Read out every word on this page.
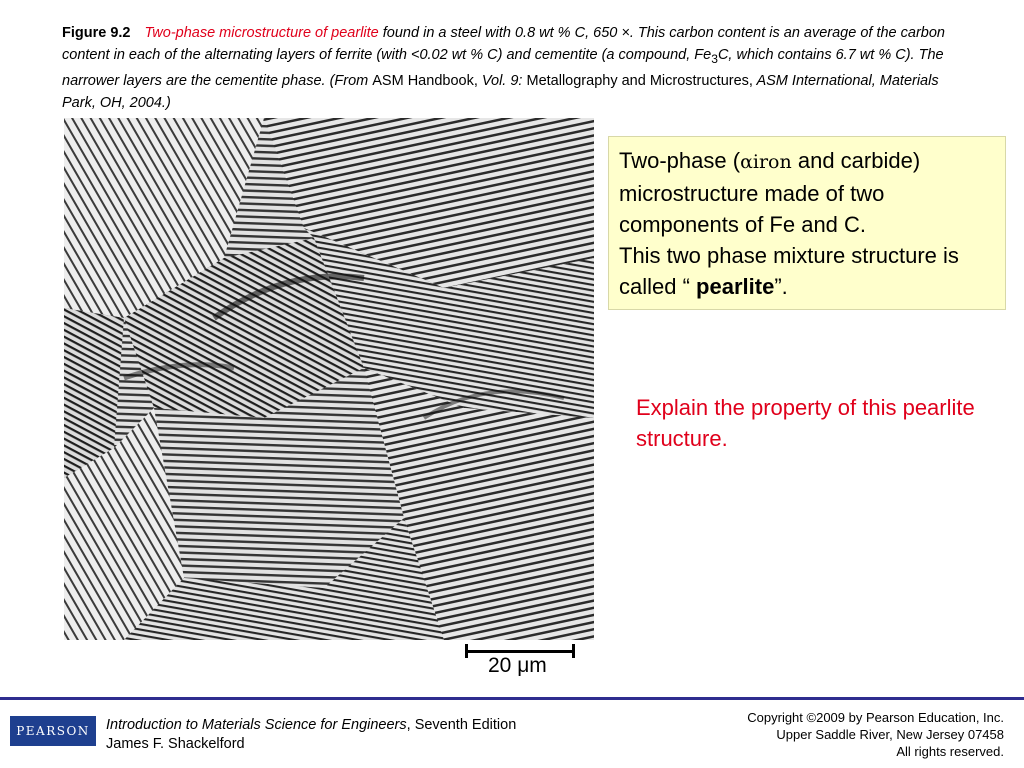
Figure 9.2 Two-phase microstructure of pearlite found in a steel with 0.8 wt % C, 650 ×. This carbon content is an average of the carbon content in each of the alternating layers of ferrite (with <0.02 wt % C) and cementite (a compound, $Fe_3C$, which contains 6.7 wt % C). The narrower layers are the cementite phase. (From ASM Handbook, Vol. 9: Metallography and Microstructures, ASM International, Materials Park, OH, 2004.)
20 μm
Two-phase (αiron and carbide) microstructure made of two components of Fe and C.
This two phase mixture structure is called “ pearlite”.
Explain the property of this pearlite structure.
PEARSON	Introduction to Materials Science for Engineers, Seventh Edition
James F. Shackelford
Copyright ©2009 by Pearson Education, Inc.
Upper Saddle River, New Jersey 07458
All rights reserved.
